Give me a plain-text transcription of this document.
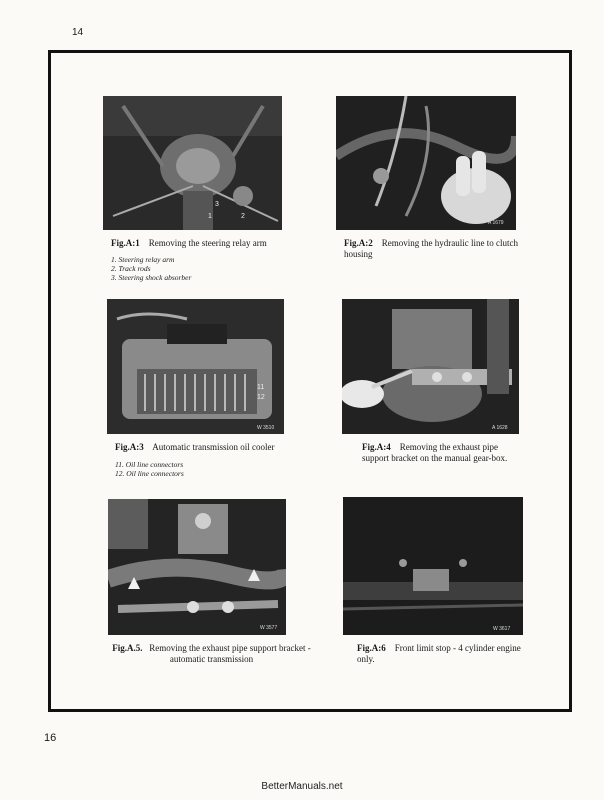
14
1	2
3
Fig.A:1 Removing the steering relay arm
1. Steering relay arm
2. Track rods
3. Steering shock absorber
A 1679
Fig.A:2 Removing the hydraulic line to clutch housing
11
12
W 3510
Fig.A:3 Automatic transmission oil cooler
11. Oil line connectors
12. Oil line connectors
A 1628
Fig.A:4 Removing the exhaust pipe support bracket on the manual gear-box.
W 3577
Fig.A.5. Removing the exhaust pipe support bracket - automatic transmission
W 3617
Fig.A:6 Front limit stop - 4 cylinder engine only.
16
BetterManuals.net
